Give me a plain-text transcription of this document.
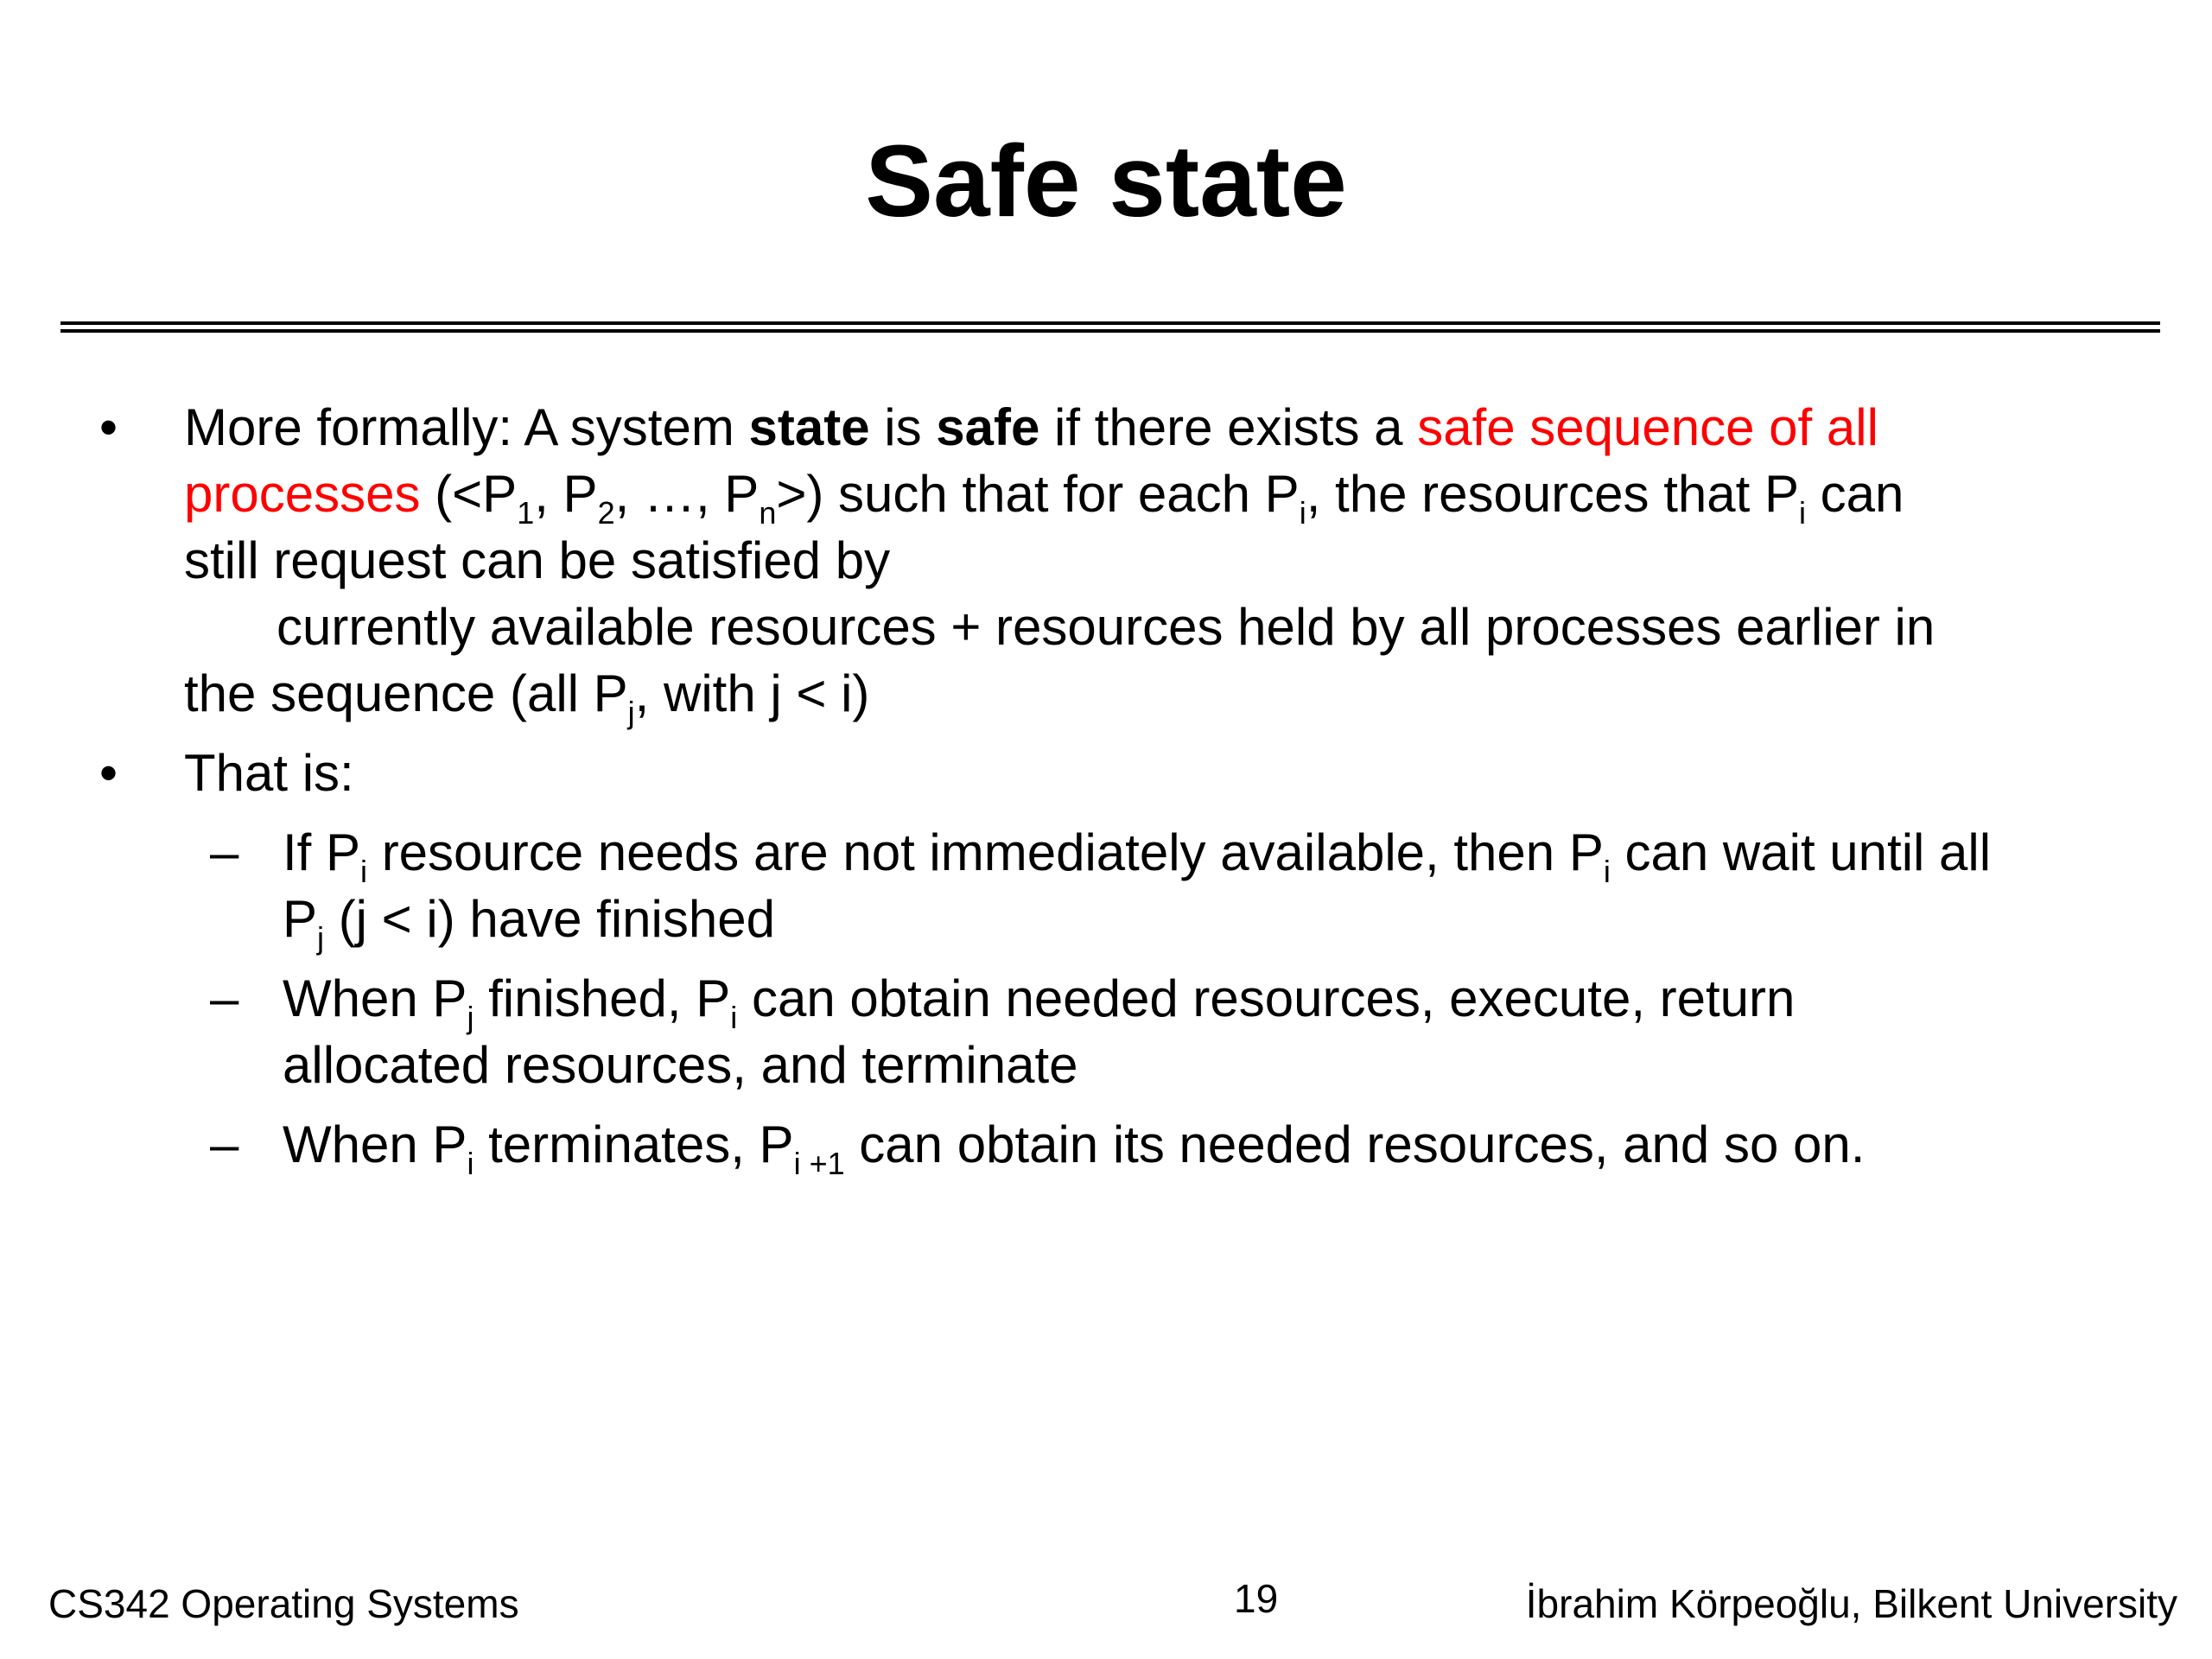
Safe state
• More formally: A system state is safe if there exists a safe sequence of all
processes ($<P_1$, $P_2$, …, $P_n>$) such that for each $P_i$, the resources that $P_i$ can
still request can be satisfied by
currently available resources + resources held by all processes earlier in
the sequence (all $P_j$, with j < i)
• That is:
– If $P_i$ resource needs are not immediately available, then $P_i$ can wait until all
$P_j$ (j < i) have finished
– When $P_j$ finished, $P_i$ can obtain needed resources, execute, return
allocated resources, and terminate
– When $P_i$ terminates, $P_{i +1}$ can obtain its needed resources, and so on.
CS342 Operating Systems	19	İbrahim Körpeoğlu, Bilkent University
